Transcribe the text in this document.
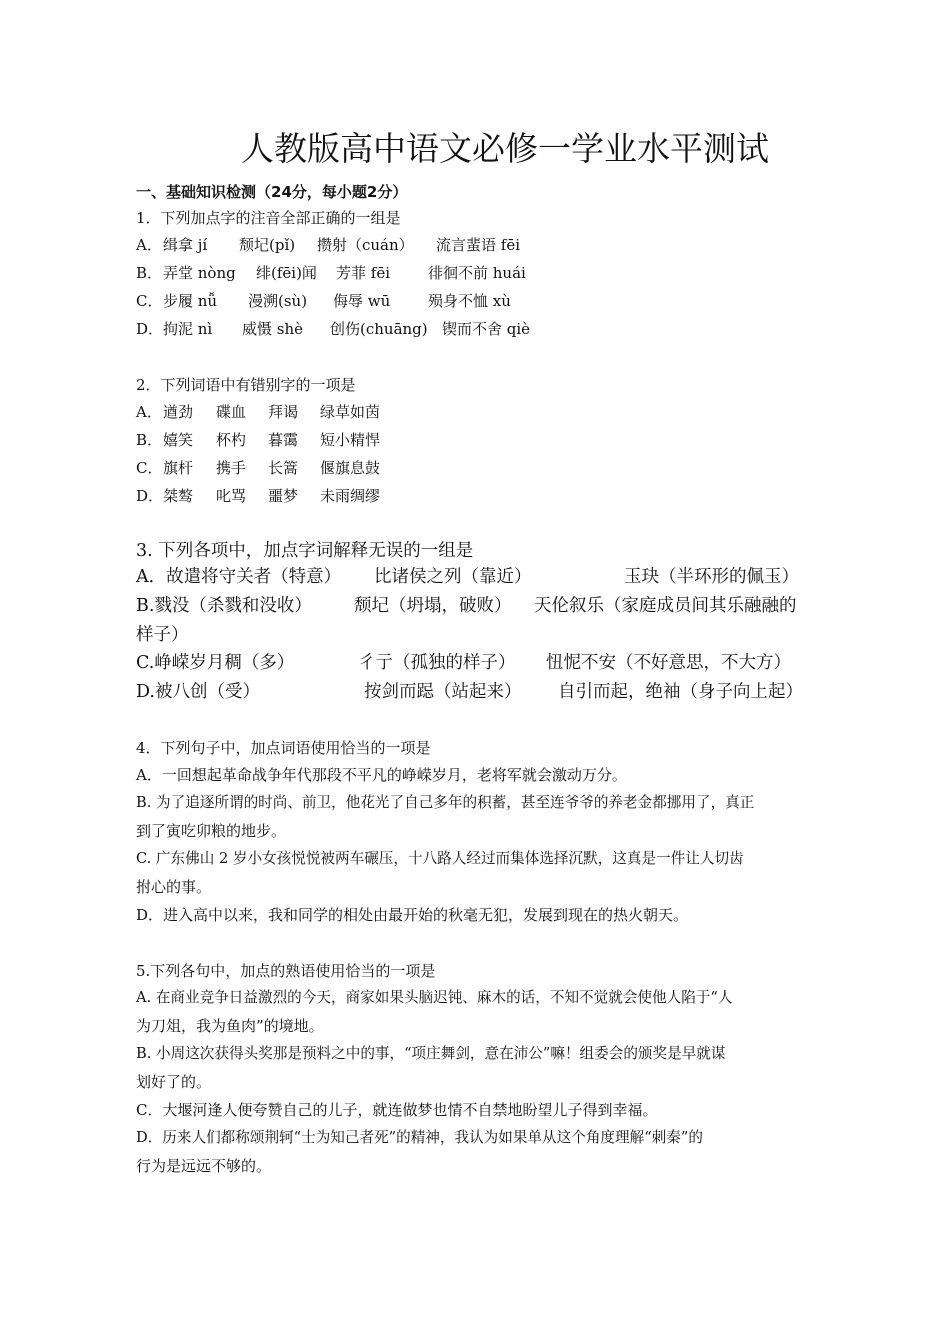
人教版高中语文必修一学业水平测试
一、基础知识检测（24分，每小题2分）
1．下列加点字的注音全部正确的一组是
A． 缉拿 jí 颓圮(pǐ) 攒射（cuán） 流言蜚语 fēi
B． 弄堂 nòng 绯(fēi)闻 芳菲 fēi	徘徊不前 huái
C． 步履 nǚ 漫溯(sù) 侮辱 wū	殒身不恤 xù
D． 拘泥 nì 威慑 shè 创伤(chuāng) 锲而不舍 qiè
2．下列词语中有错别字的一项是
A． 遒劲 碟血 拜谒 绿草如茵
B． 嬉笑 杯杓 暮霭 短小精悍
C． 旗杆 携手 长篙 偃旗息鼓
D． 桀骜 叱骂 噩梦 未雨绸缪
3. 下列各项中，加点字词解释无误的一组是
A．故遣将守关者（特意） 比诸侯之列（靠近）	玉玦（半环形的佩玉）
B.戮没（杀戮和没收） 颓圮（坍塌，破败） 天伦叙乐（家庭成员间其乐融融的
样子）
C.峥嵘岁月稠（多）	彳亍（孤独的样子） 忸怩不安（不好意思，不大方）
D.被八创（受）	按剑而跽（站起来） 自引而起，绝袖（身子向上起）
4．下列句子中，加点词语使用恰当的一项是
A．一回想起革命战争年代那段不平凡的峥嵘岁月，老将军就会激动万分。
B. 为了追逐所谓的时尚、前卫，他花光了自己多年的积蓄，甚至连爷爷的养老金都挪用了，真正
到了寅吃卯粮的地步。
C. 广东佛山 2 岁小女孩悦悦被两车碾压，十八路人经过而集体选择沉默，这真是一件让人切齿
拊心的事。
D．进入高中以来，我和同学的相处由最开始的秋毫无犯，发展到现在的热火朝天。
5.下列各句中，加点的熟语使用恰当的一项是
A. 在商业竞争日益激烈的今天，商家如果头脑迟钝、麻木的话，不知不觉就会使他人陷于“人
为刀俎，我为鱼肉”的境地。
B. 小周这次获得头奖那是预料之中的事，“项庄舞剑，意在沛公”嘛！组委会的颁奖是早就谋
划好了的。
C．大堰河逢人便夸赞自己的儿子，就连做梦也情不自禁地盼望儿子得到幸福。
D．历来人们都称颂荆轲“士为知己者死”的精神，我认为如果单从这个角度理解“刺秦”的
行为是远远不够的。
